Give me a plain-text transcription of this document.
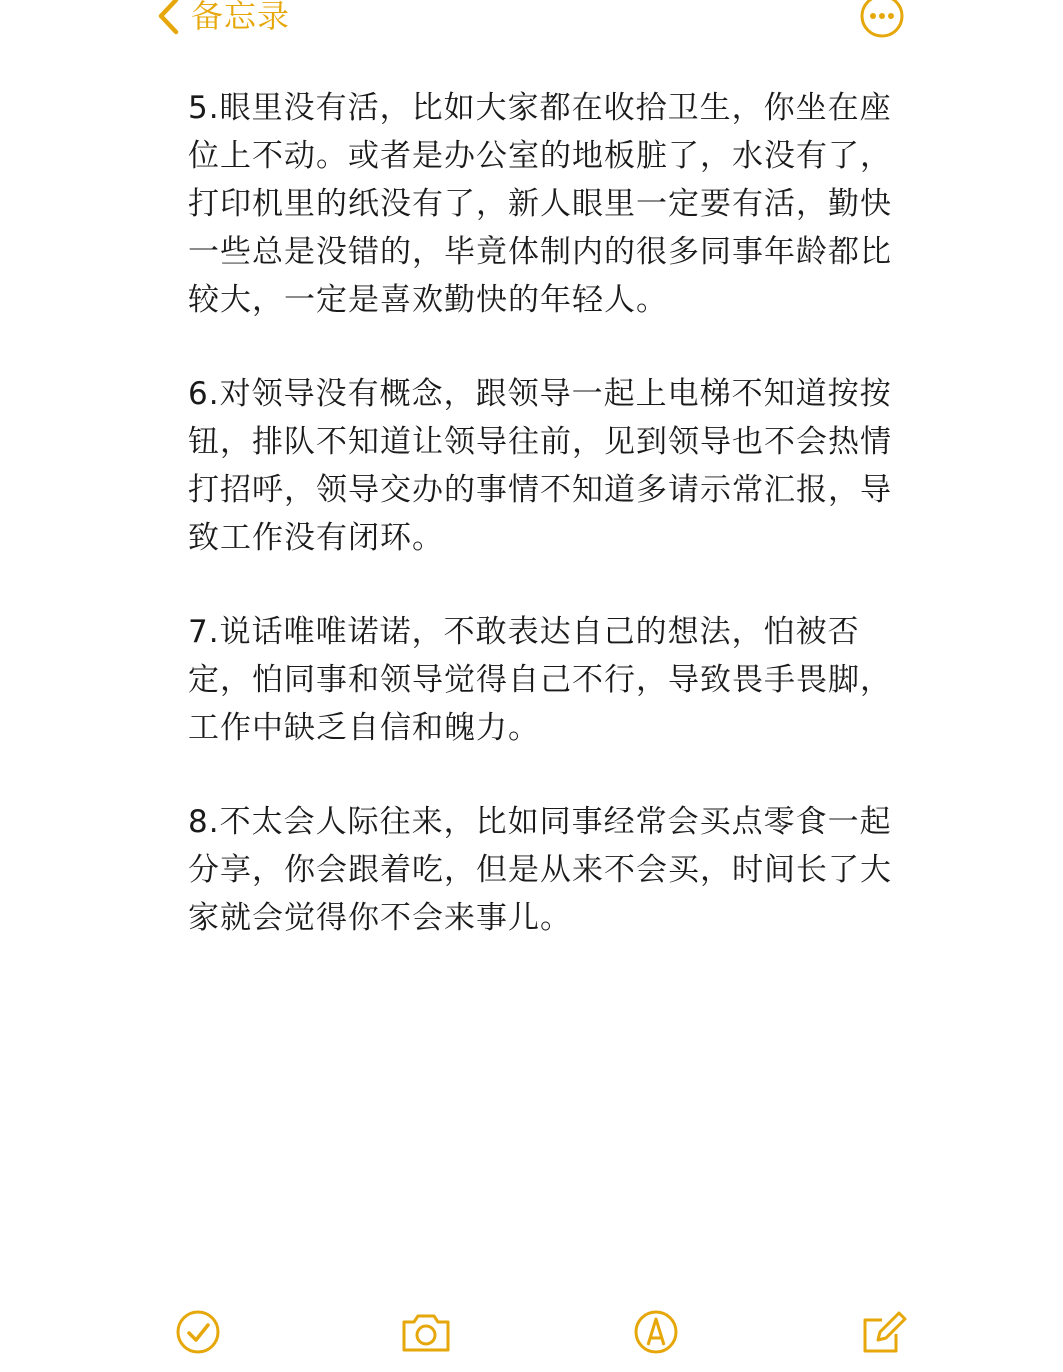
备忘录

5.眼里没有活，比如大家都在收拾卫生，你坐在座位上不动。或者是办公室的地板脏了，水没有了，打印机里的纸没有了，新人眼里一定要有活，勤快一些总是没错的，毕竟体制内的很多同事年龄都比较大，一定是喜欢勤快的年轻人。

6.对领导没有概念，跟领导一起上电梯不知道按按钮，排队不知道让领导往前，见到领导也不会热情打招呼，领导交办的事情不知道多请示常汇报，导致工作没有闭环。

7.说话唯唯诺诺，不敢表达自己的想法，怕被否定，怕同事和领导觉得自己不行，导致畏手畏脚，工作中缺乏自信和魄力。

8.不太会人际往来，比如同事经常会买点零食一起分享，你会跟着吃，但是从来不会买，时间长了大家就会觉得你不会来事儿。
